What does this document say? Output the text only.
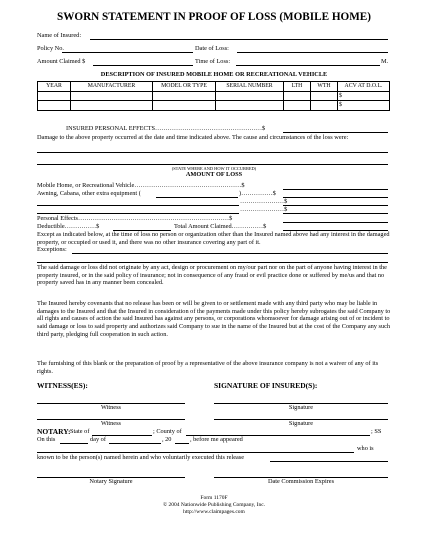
SWORN STATEMENT IN PROOF OF LOSS (MOBILE HOME)
Name of Insured:
Policy No.	Date of Loss:
Amount Claimed $	Time of Loss:	M.
DESCRIPTION OF INSURED MOBILE HOME OR RECREATIONAL VEHICLE
YEAR	MANUFACTURER	MODEL OR TYPE	SERIAL NUMBER	LTH	WTH	ACV AT D.O.L.
						$
						$
INSURED PERSONAL EFFECTS……………………………………………$
Damage to the above property occurred at the date and time indicated above. The cause and circumstances of the loss were:
(STATE WHERE AND HOW IT OCCURRED)
AMOUNT OF LOSS
Mobile Home, or Recreational Vehicle……………………………………………$
Awning, Cabana, other extra equipment (	)……………$
…………………$
…………………$
Personal Effects………………………………………………………………$
Deductible……………$	Total Amount Claimed……………$
Except as indicated below, at the time of loss no person or organization other than the Insured named above had any interest in the damaged property, or occupied or used it, and there was no other insurance covering any part of it.
Exceptions:
The said damage or loss did not originate by any act, design or procurement on my/our part nor on the part of anyone having interest in the property insured, or in the said policy of insurance; not in consequence of any fraud or evil practice done or suffered by me/us and that no property saved has in any manner been concealed.
The Insured hereby covenants that no release has been or will be given to or settlement made with any third party who may be liable in damages to the Insured and that the Insured in consideration of the payments made under this policy hereby subrogates the said Company to all rights and causes of action the said Insured has against any persons, or corporations whomsoever for damage arising out of or incident to said damage or loss to said property and authorizes said Company to sue in the name of the Insured but at the cost of the Company any such third party, pledging full cooperation in such action.
The furnishing of this blank or the preparation of proof by a representative of the above insurance company is not a waiver of any of its rights.
WITNESS(ES):	SIGNATURE OF INSURED(S):
Witness	Signature
Witness	Signature
NOTARY: State of	; County of	; SS
On this	day of	, 20	, before me appeared
who is
known to be the person(s) named herein and who voluntarily executed this release
Notary Signature	Date Commission Expires
Form 1170F
© 2004 Nationwide Publishing Company, Inc.
http://www.claimpages.com
